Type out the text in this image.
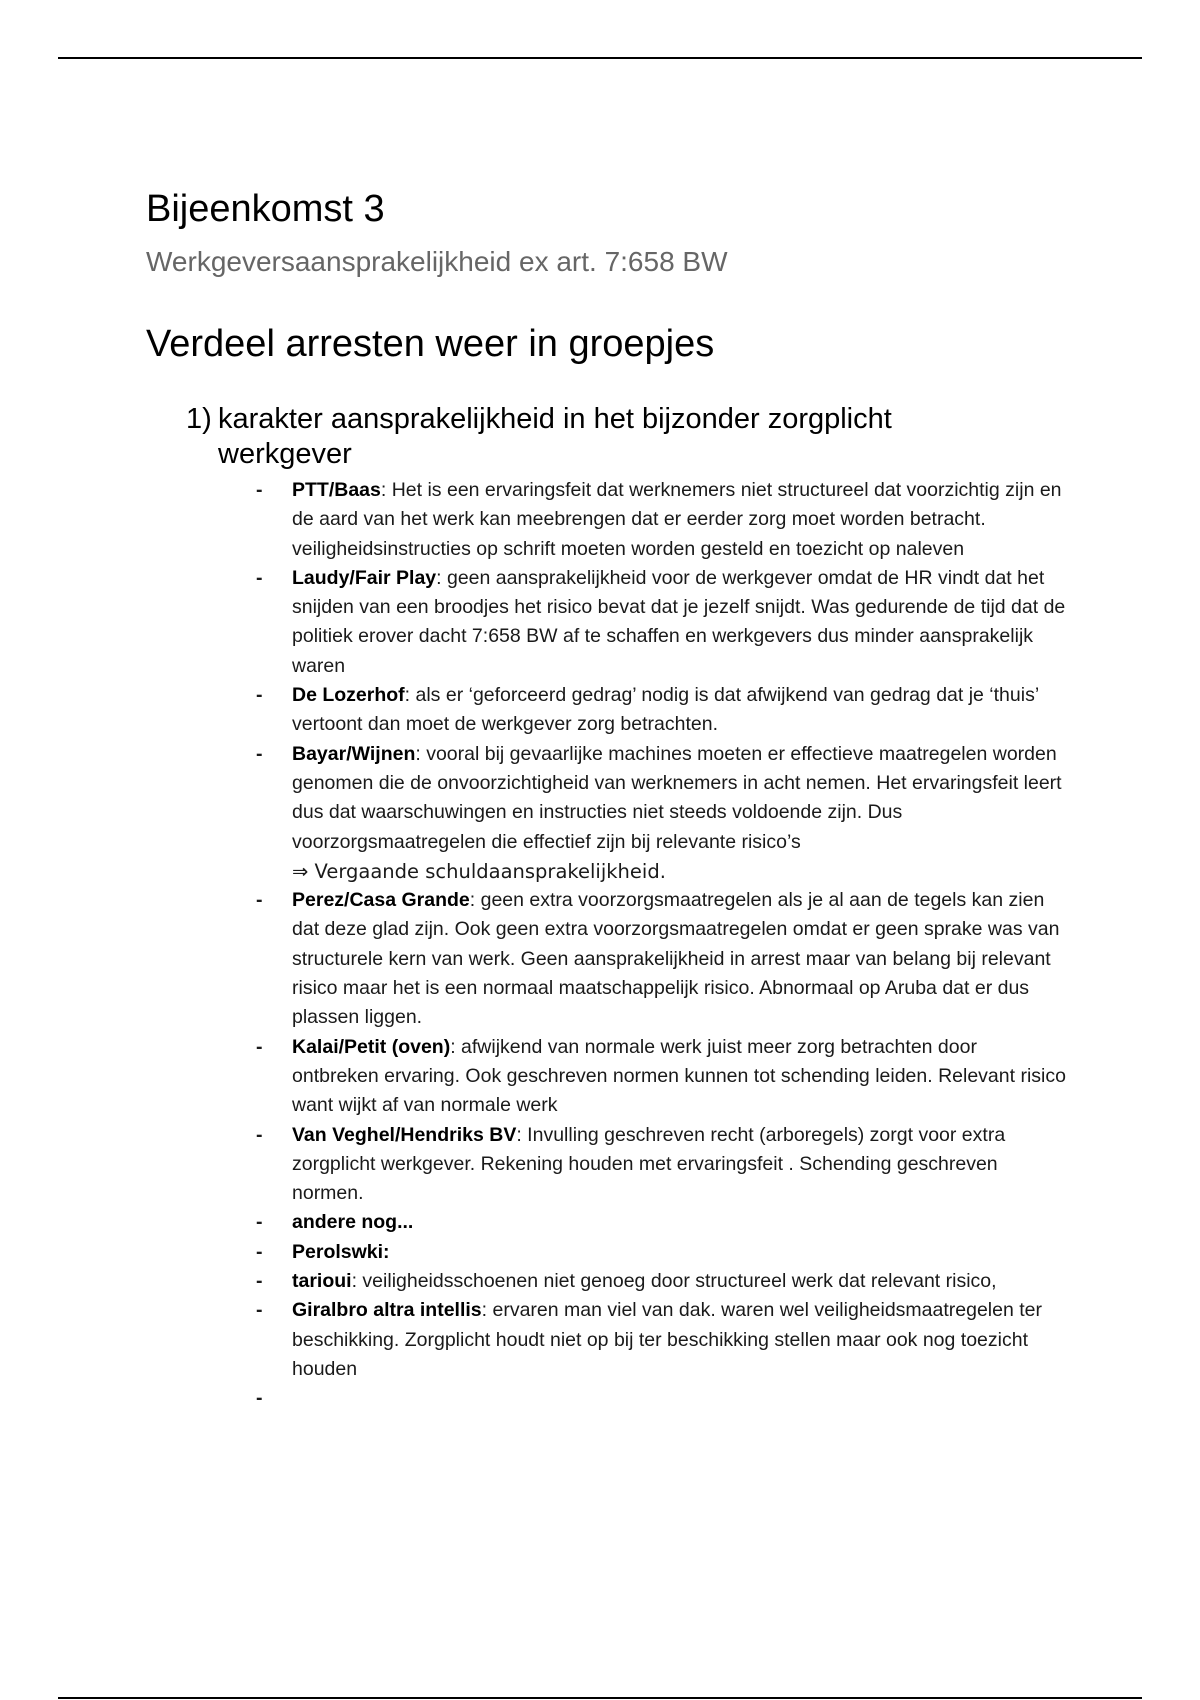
Bijeenkomst 3

Werkgeversaansprakelijkheid ex art. 7:658 BW

Verdeel arresten weer in groepjes
1) karakter aansprakelijkheid in het bijzonder zorgplicht werkgever
- PTT/Baas: Het is een ervaringsfeit dat werknemers niet structureel dat voorzichtig zijn en de aard van het werk kan meebrengen dat er eerder zorg moet worden betracht. veiligheidsinstructies op schrift moeten worden gesteld en toezicht op naleven
- Laudy/Fair Play: geen aansprakelijkheid voor de werkgever omdat de HR vindt dat het snijden van een broodjes het risico bevat dat je jezelf snijdt. Was gedurende de tijd dat de politiek erover dacht 7:658 BW af te schaffen en werkgevers dus minder aansprakelijk waren
- De Lozerhof: als er ‘geforceerd gedrag’ nodig is dat afwijkend van gedrag dat je ‘thuis’ vertoont dan moet de werkgever zorg betrachten.
- Bayar/Wijnen: vooral bij gevaarlijke machines moeten er effectieve maatregelen worden genomen die de onvoorzichtigheid van werknemers in acht nemen. Het ervaringsfeit leert dus dat waarschuwingen en instructies niet steeds voldoende zijn. Dus voorzorgsmaatregelen die effectief zijn bij relevante risico’s
⇒ Vergaande schuldaansprakelijkheid.
- Perez/Casa Grande: geen extra voorzorgsmaatregelen als je al aan de tegels kan zien dat deze glad zijn. Ook geen extra voorzorgsmaatregelen omdat er geen sprake was van structurele kern van werk. Geen aansprakelijkheid in arrest maar van belang bij relevant risico maar het is een normaal maatschappelijk risico. Abnormaal op Aruba dat er dus plassen liggen.
- Kalai/Petit (oven): afwijkend van normale werk juist meer zorg betrachten door ontbreken ervaring. Ook geschreven normen kunnen tot schending leiden. Relevant risico want wijkt af van normale werk
- Van Veghel/Hendriks BV: Invulling geschreven recht (arboregels) zorgt voor extra zorgplicht werkgever. Rekening houden met ervaringsfeit . Schending geschreven normen.
- andere nog...
- Perolswki:
- tarioui: veiligheidsschoenen niet genoeg door structureel werk dat relevant risico,
- Giralbro altra intellis: ervaren man viel van dak. waren wel veiligheidsmaatregelen ter beschikking. Zorgplicht houdt niet op bij ter beschikking stellen maar ook nog toezicht houden
-
